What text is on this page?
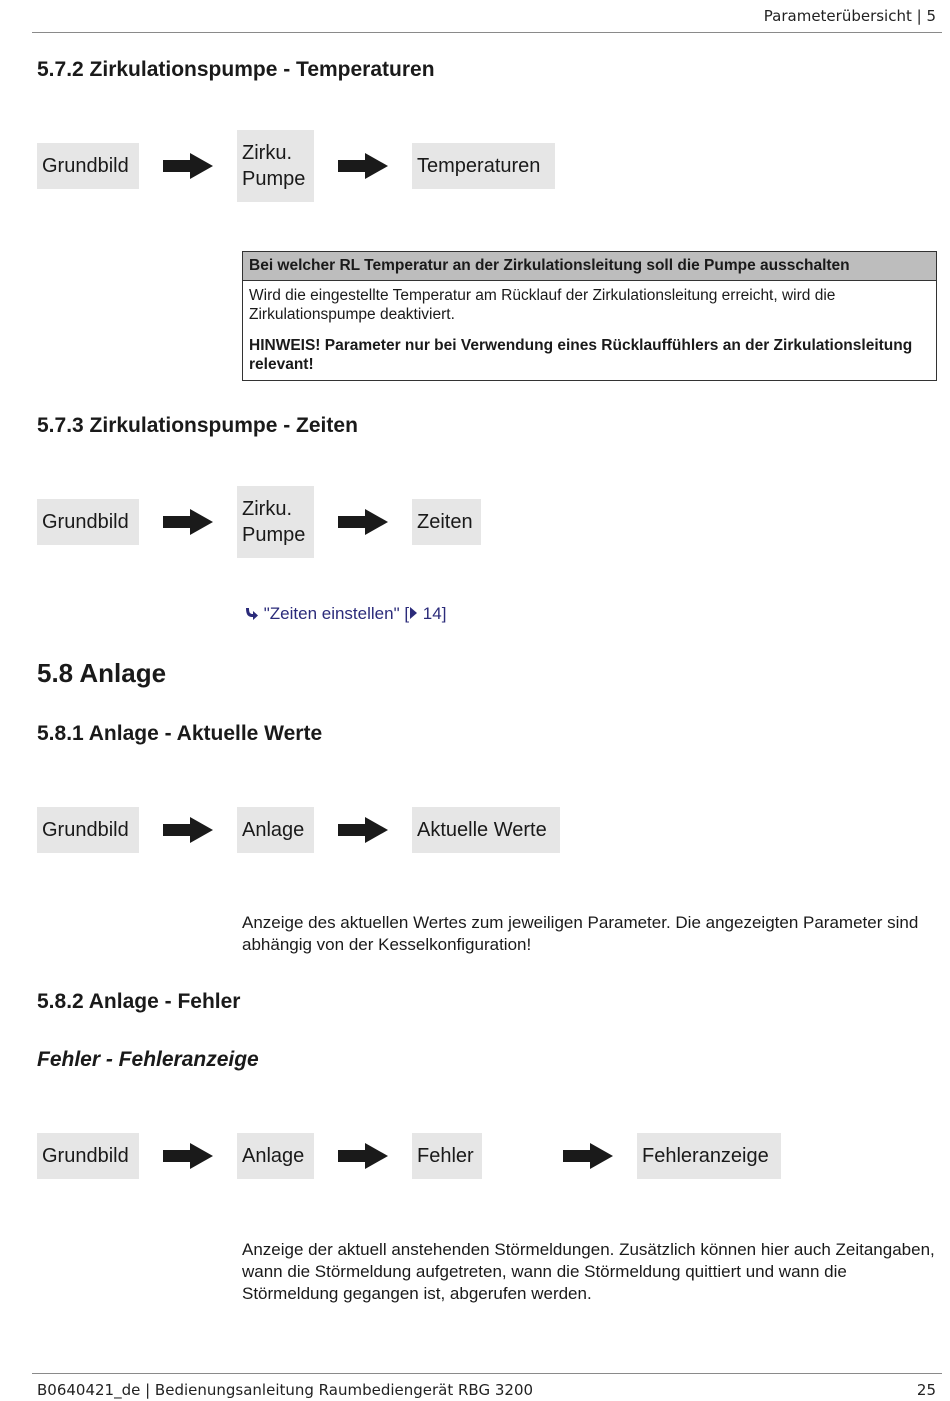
Parameterübersicht | 5
5.7.2 Zirkulationspumpe - Temperaturen
Grundbild
Zirku.
Pumpe
Temperaturen
Bei welcher RL Temperatur an der Zirkulationsleitung soll die Pumpe ausschalten

Wird die eingestellte Temperatur am Rücklauf der Zirkulationsleitung erreicht, wird die Zirkulationspumpe deaktiviert.

HINWEIS! Parameter nur bei Verwendung eines Rücklauffühlers an der Zirkulationsleitung relevant!

5.7.3 Zirkulationspumpe - Zeiten
Grundbild
Zirku.
Pumpe
Zeiten
"Zeiten einstellen" [ 14]
5.8 Anlage
5.8.1 Anlage - Aktuelle Werte
Grundbild	Anlage	Aktuelle Werte
Anzeige des aktuellen Wertes zum jeweiligen Parameter. Die angezeigten Parameter sind abhängig von der Kesselkonfiguration!
5.8.2 Anlage - Fehler
Fehler - Fehleranzeige
Grundbild	Anlage	Fehler	Fehleranzeige
Anzeige der aktuell anstehenden Störmeldungen. Zusätzlich können hier auch Zeitangaben, wann die Störmeldung aufgetreten, wann die Störmeldung quittiert und wann die Störmeldung gegangen ist, abgerufen werden.
B0640421_de | Bedienungsanleitung Raumbediengerät RBG 3200	25
